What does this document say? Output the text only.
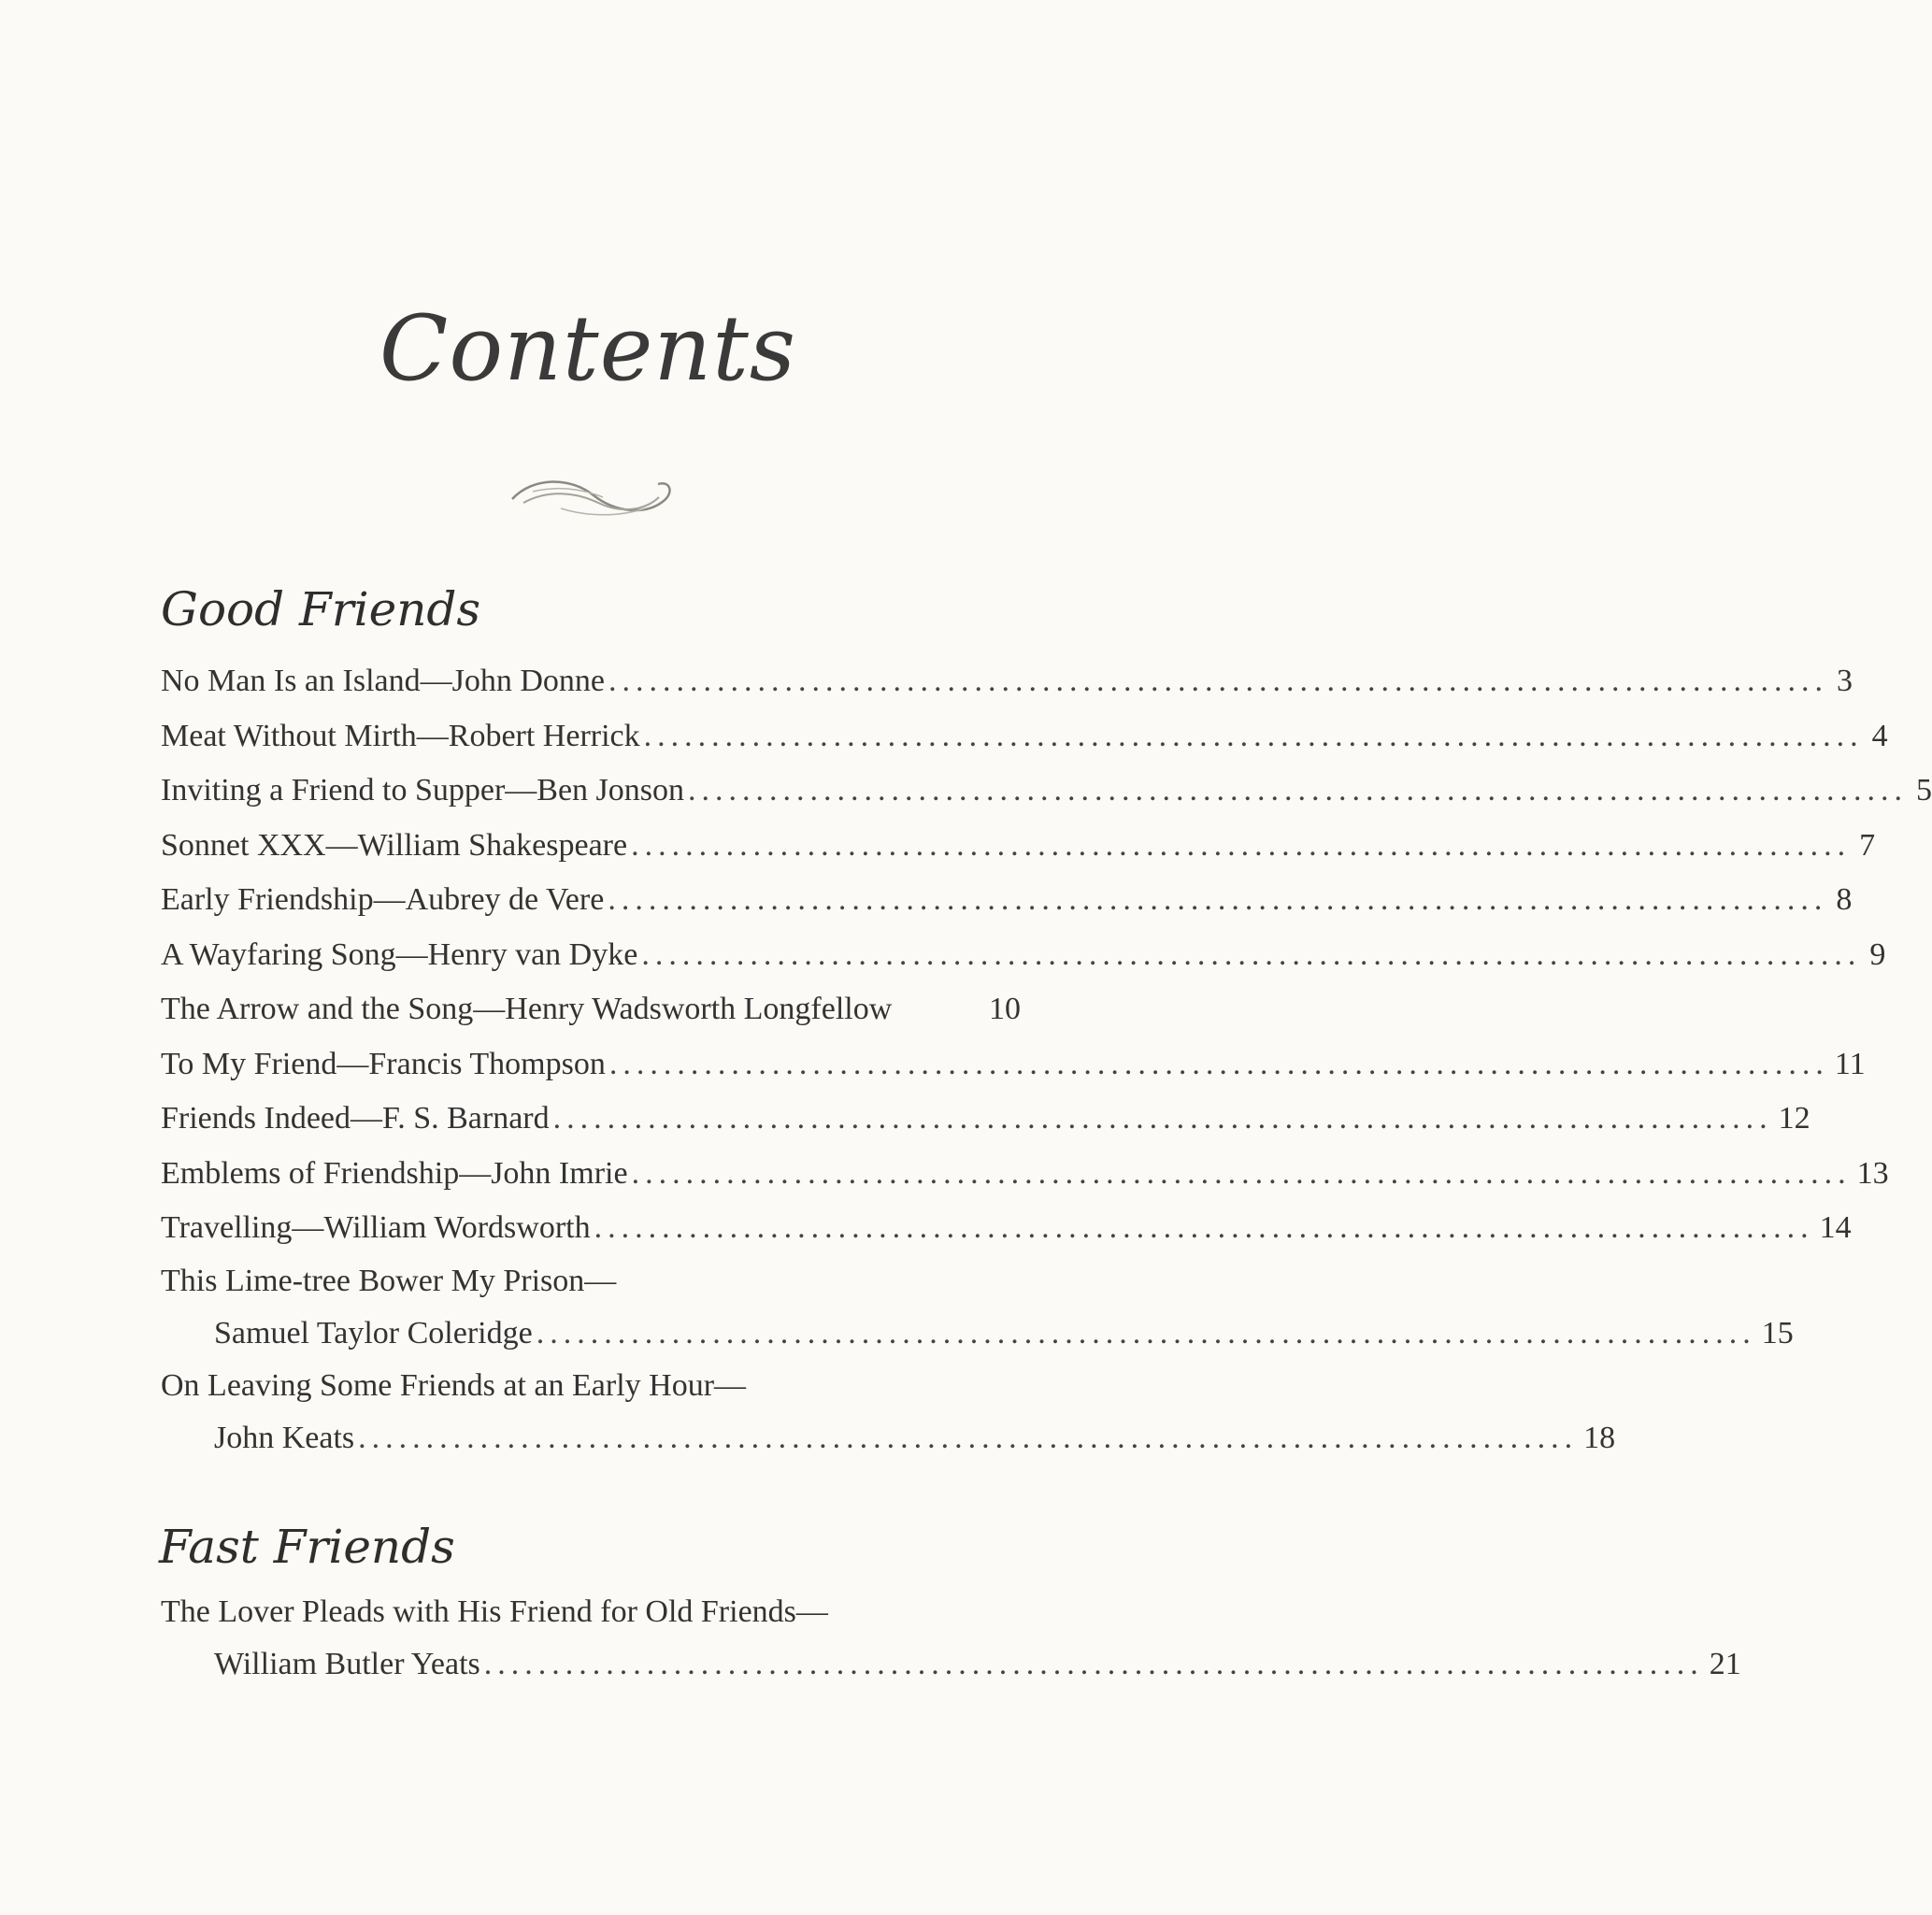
Contents
Good Friends
No Man Is an Island—John Donne .......................................................................................... 3
Meat Without Mirth—Robert Herrick .......................................................................................... 4
Inviting a Friend to Supper—Ben Jonson .......................................................................................... 5
Sonnet XXX—William Shakespeare .......................................................................................... 7
Early Friendship—Aubrey de Vere .......................................................................................... 8
A Wayfaring Song—Henry van Dyke .......................................................................................... 9
The Arrow and the Song—Henry Wadsworth Longfellow	10
To My Friend—Francis Thompson .......................................................................................... 11
Friends Indeed—F. S. Barnard .......................................................................................... 12
Emblems of Friendship—John Imrie .......................................................................................... 13
Travelling—William Wordsworth .......................................................................................... 14
This Lime-tree Bower My Prison—
Samuel Taylor Coleridge .......................................................................................... 15
On Leaving Some Friends at an Early Hour—
John Keats .......................................................................................... 18
Fast Friends
The Lover Pleads with His Friend for Old Friends—
William Butler Yeats .......................................................................................... 21
